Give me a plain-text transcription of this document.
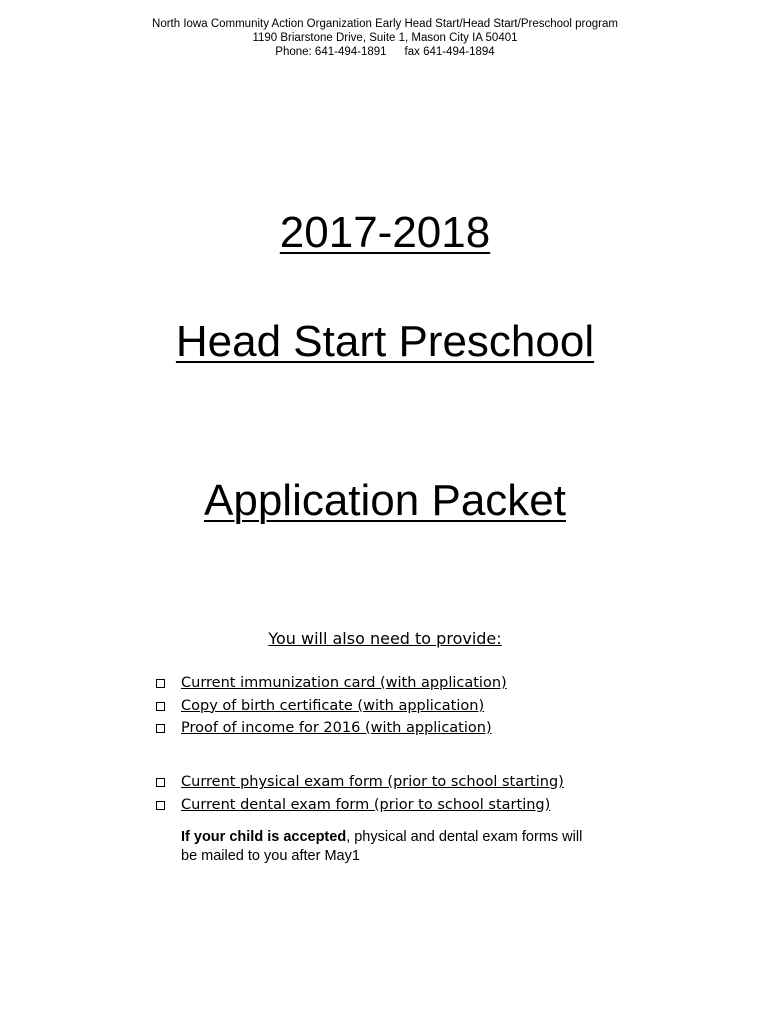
North Iowa Community Action Organization Early Head Start/Head Start/Preschool program
1190 Briarstone Drive, Suite 1, Mason City IA 50401
Phone: 641-494-1891 fax 641-494-1894
2017-2018
Head Start Preschool
Application Packet
You will also need to provide:
Current immunization card (with application)
Copy of birth certificate (with application)
Proof of income for 2016 (with application)
Current physical exam form (prior to school starting)
Current dental exam form (prior to school starting)
If your child is accepted, physical and dental exam forms will be mailed to you after May1
